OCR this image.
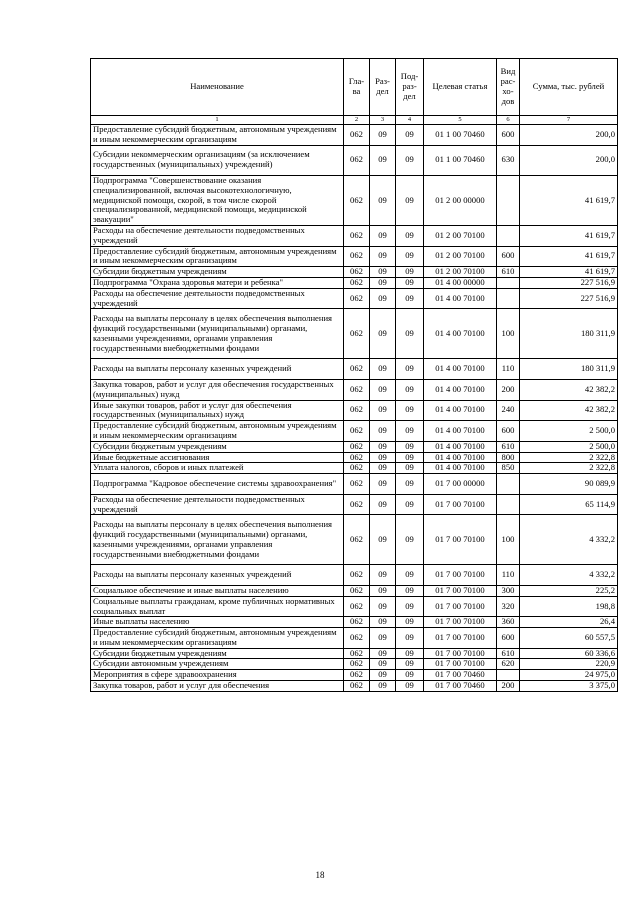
Наименование	Гла-ва	Раз-дел	Под-раз-дел	Целевая статья	Вид рас-хо-дов	Сумма, тыс. рублей
1	2	3	4	5	6	7
Предоставление субсидий бюджетным, автономным учреждениям и иным некоммерческим организациям	062	09	09	01 1 00 70460	600	200,0
Субсидии некоммерческим организациям (за исключением государственных (муниципальных) учреждений)	062	09	09	01 1 00 70460	630	200,0
Подпрограмма "Совершенствование оказания специализированной, включая высокотехнологичную, медицинской помощи, скорой, в том числе скорой специализированной, медицинской помощи, медицинской эвакуации"	062	09	09	01 2 00 00000		41 619,7
Расходы на обеспечение деятельности подведомственных учреждений	062	09	09	01 2 00 70100		41 619,7
Предоставление субсидий бюджетным, автономным учреждениям и иным некоммерческим организациям	062	09	09	01 2 00 70100	600	41 619,7
Субсидии бюджетным учреждениям	062	09	09	01 2 00 70100	610	41 619,7
Подпрограмма "Охрана здоровья матери и ребенка"	062	09	09	01 4 00 00000		227 516,9
Расходы на обеспечение деятельности подведомственных учреждений	062	09	09	01 4 00 70100		227 516,9
Расходы на выплаты персоналу в целях обеспечения выполнения функций государственными (муниципальными) органами, казенными учреждениями, органами управления государственными внебюджетными фондами	062	09	09	01 4 00 70100	100	180 311,9
Расходы на выплаты персоналу казенных учреждений	062	09	09	01 4 00 70100	110	180 311,9
Закупка товаров, работ и услуг для обеспечения государственных (муниципальных) нужд	062	09	09	01 4 00 70100	200	42 382,2
Иные закупки товаров, работ и услуг для обеспечения государственных (муниципальных) нужд	062	09	09	01 4 00 70100	240	42 382,2
Предоставление субсидий бюджетным, автономным учреждениям и иным некоммерческим организациям	062	09	09	01 4 00 70100	600	2 500,0
Субсидии бюджетным учреждениям	062	09	09	01 4 00 70100	610	2 500,0
Иные бюджетные ассигнования	062	09	09	01 4 00 70100	800	2 322,8
Уплата налогов, сборов и иных платежей	062	09	09	01 4 00 70100	850	2 322,8
Подпрограмма "Кадровое обеспечение системы здравоохранения"	062	09	09	01 7 00 00000		90 089,9
Расходы на обеспечение деятельности подведомственных учреждений	062	09	09	01 7 00 70100		65 114,9
Расходы на выплаты персоналу в целях обеспечения выполнения функций государственными (муниципальными) органами, казенными учреждениями, органами управления государственными внебюджетными фондами	062	09	09	01 7 00 70100	100	4 332,2
Расходы на выплаты персоналу казенных учреждений	062	09	09	01 7 00 70100	110	4 332,2
Социальное обеспечение и иные выплаты населению	062	09	09	01 7 00 70100	300	225,2
Социальные выплаты гражданам, кроме публичных нормативных социальных выплат	062	09	09	01 7 00 70100	320	198,8
Иные выплаты населению	062	09	09	01 7 00 70100	360	26,4
Предоставление субсидий бюджетным, автономным учреждениям и иным некоммерческим организациям	062	09	09	01 7 00 70100	600	60 557,5
Субсидии бюджетным учреждениям	062	09	09	01 7 00 70100	610	60 336,6
Субсидии автономным учреждениям	062	09	09	01 7 00 70100	620	220,9
Мероприятия в сфере здравоохранения	062	09	09	01 7 00 70460		24 975,0
Закупка товаров, работ и услуг для обеспечения	062	09	09	01 7 00 70460	200	3 375,0
18
